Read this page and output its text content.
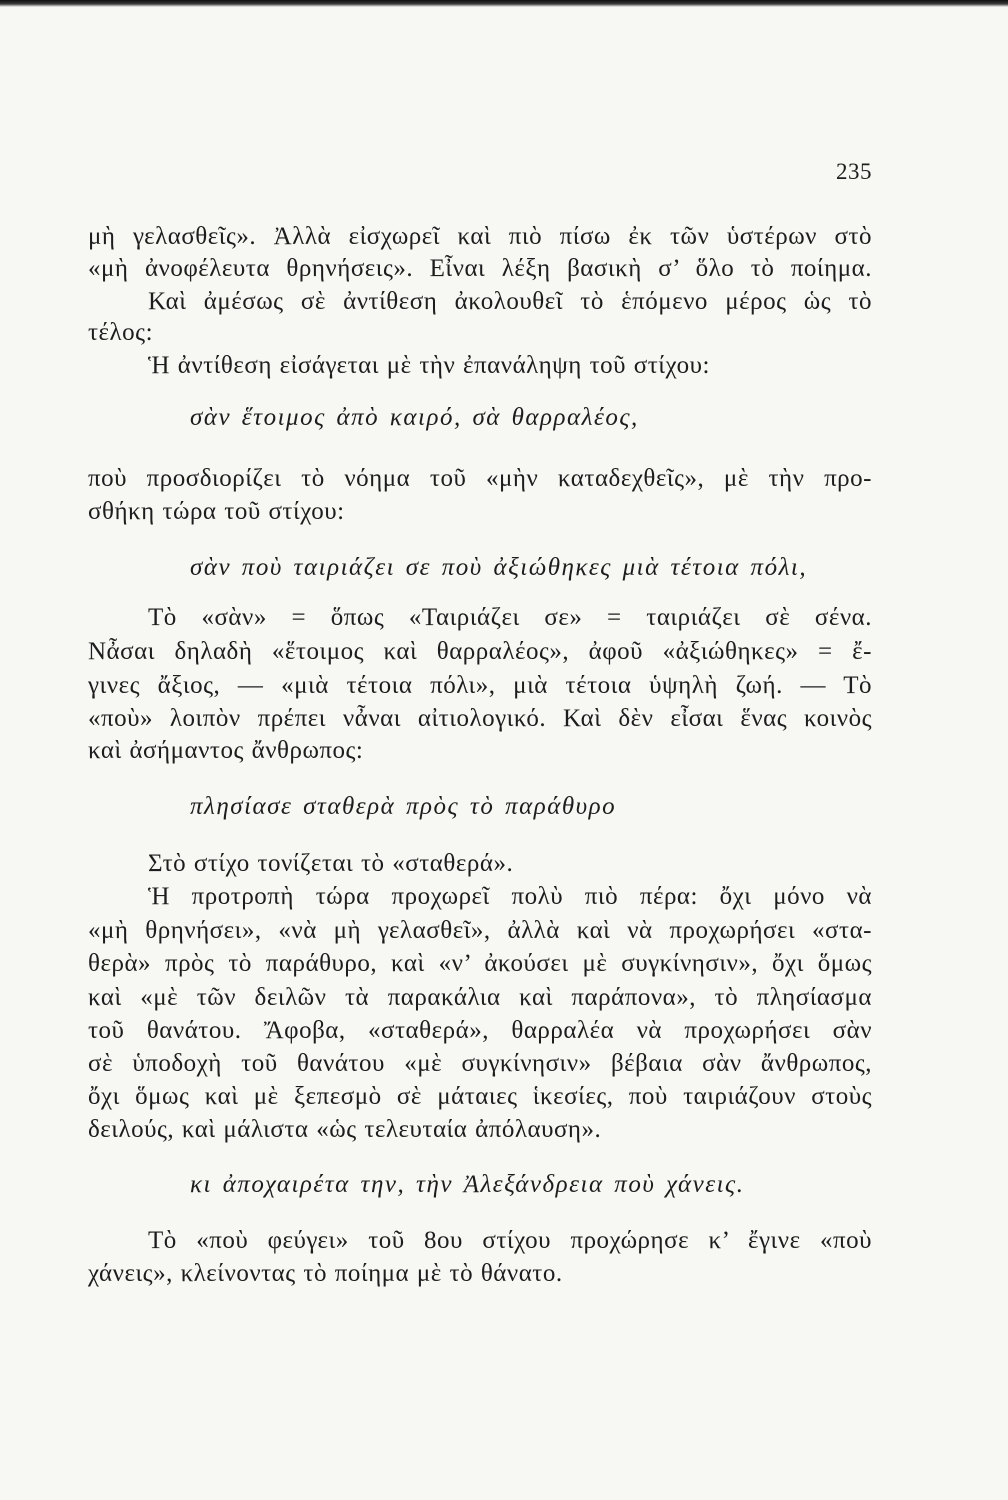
235
μὴ γελασθεῖς». Ἀλλὰ εἰσχωρεῖ καὶ πιὸ πίσω ἐκ τῶν ὑστέρων στὸ
«μὴ ἀνοφέλευτα θρηνήσεις». Εἶναι λέξη βασικὴ σ’ ὅλο τὸ ποίημα.
Καὶ ἀμέσως σὲ ἀντίθεση ἀκολουθεῖ τὸ ἑπόμενο μέρος ὡς τὸ
τέλος:
Ἡ ἀντίθεση εἰσάγεται μὲ τὴν ἐπανάληψη τοῦ στίχου:
σὰν ἕτοιμος ἀπὸ καιρό, σὰ θαρραλέος,
ποὺ προσδιορίζει τὸ νόημα τοῦ «μὴν καταδεχθεῖς», μὲ τὴν προ-
σθήκη τώρα τοῦ στίχου:
σὰν ποὺ ταιριάζει σε ποὺ ἀξιώθηκες μιὰ τέτοια πόλι,
Τὸ «σὰν» = ὅπως «Ταιριάζει σε» = ταιριάζει σὲ σένα.
Νἆσαι δηλαδὴ «ἕτοιμος καὶ θαρραλέος», ἀφοῦ «ἀξιώθηκες» = ἔ-
γινες ἄξιος, — «μιὰ τέτοια πόλι», μιὰ τέτοια ὑψηλὴ ζωή. — Τὸ
«ποὺ» λοιπὸν πρέπει νἆναι αἰτιολογικό. Καὶ δὲν εἶσαι ἕνας κοινὸς
καὶ ἀσήμαντος ἄνθρωπος:
πλησίασε σταθερὰ πρὸς τὸ παράθυρο
Στὸ στίχο τονίζεται τὸ «σταθερά».
Ἡ προτροπὴ τώρα προχωρεῖ πολὺ πιὸ πέρα: ὄχι μόνο νὰ
«μὴ θρηνήσει», «νὰ μὴ γελασθεῖ», ἀλλὰ καὶ νὰ προχωρήσει «στα-
θερὰ» πρὸς τὸ παράθυρο, καὶ «ν’ ἀκούσει μὲ συγκίνησιν», ὄχι ὅμως
καὶ «μὲ τῶν δειλῶν τὰ παρακάλια καὶ παράπονα», τὸ πλησίασμα
τοῦ θανάτου. Ἄφοβα, «σταθερά», θαρραλέα νὰ προχωρήσει σὰν
σὲ ὑποδοχὴ τοῦ θανάτου «μὲ συγκίνησιν» βέβαια σὰν ἄνθρωπος,
ὄχι ὅμως καὶ μὲ ξεπεσμὸ σὲ μάταιες ἱκεσίες, ποὺ ταιριάζουν στοὺς
δειλούς, καὶ μάλιστα «ὡς τελευταία ἀπόλαυση».
κι ἀποχαιρέτα την, τὴν Ἀλεξάνδρεια ποὺ χάνεις.
Τὸ «ποὺ φεύγει» τοῦ 8ου στίχου προχώρησε κ’ ἔγινε «ποὺ
χάνεις», κλείνοντας τὸ ποίημα μὲ τὸ θάνατο.
